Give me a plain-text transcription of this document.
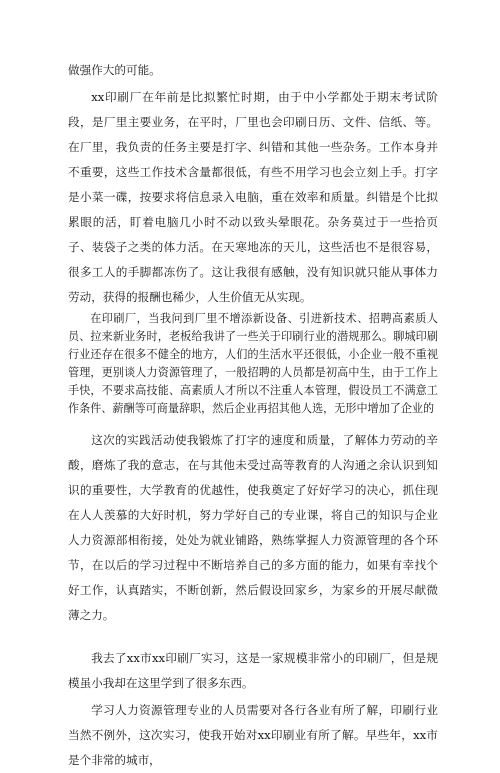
做强作大的可能。

xx印刷厂在年前是比拟繁忙时期，由于中小学都处于期末考试阶段，是厂里主要业务，在平时，厂里也会印刷日历、文件、信纸、等。在厂里，我负责的任务主要是打字、纠错和其他一些杂务。工作本身并不重要，这些工作技术含量都很低，有些不用学习也会立刻上手。打字是小菜一碟，按要求将信息录入电脑，重在效率和质量。纠错是个比拟累眼的活，盯着电脑几小时不动以致头晕眼花。杂务莫过于一些拾页子、装袋子之类的体力活。在天寒地冻的天儿，这些活也不是很容易，很多工人的手脚都冻伤了。这让我很有感触，没有知识就只能从事体力劳动，获得的报酬也稀少，人生价值无从实现。

在印刷厂，当我问到厂里不增添新设备、引进新技术、招聘高素质人员、拉来新业务时，老板给我讲了一些关于印刷行业的潜规那么。聊城印刷行业还存在很多不健全的地方，人们的生活水平还很低，小企业一般不重视管理，更别谈人力资源管理了，一般招聘的人员都是初高中生，由于工作上手快，不要求高技能、高素质人才所以不注重人本管理，假设员工不满意工作条件、薪酬等可商量辞职，然后企业再招其他人选，无形中增加了企业的

这次的实践活动使我锻炼了打字的速度和质量，了解体力劳动的辛酸，磨炼了我的意志，在与其他未受过高等教育的人沟通之余认识到知识的重要性，大学教育的优越性，使我奠定了好好学习的决心，抓住现在人人羡慕的大好时机，努力学好自己的专业课，将自己的知识与企业人力资源部相衔接，处处为就业铺路，熟练掌握人力资源管理的各个环节，在以后的学习过程中不断培养自己的多方面的能力，如果有幸找个好工作，认真踏实，不断创新，然后假设回家乡，为家乡的开展尽献微薄之力。

我去了xx市xx印刷厂实习，这是一家规模非常小的印刷厂，但是规模虽小我却在这里学到了很多东西。

学习人力资源管理专业的人员需要对各行各业有所了解，印刷行业当然不例外，这次实习，使我开始对xx印刷业有所了解。早些年，xx市是个非常的城市，
